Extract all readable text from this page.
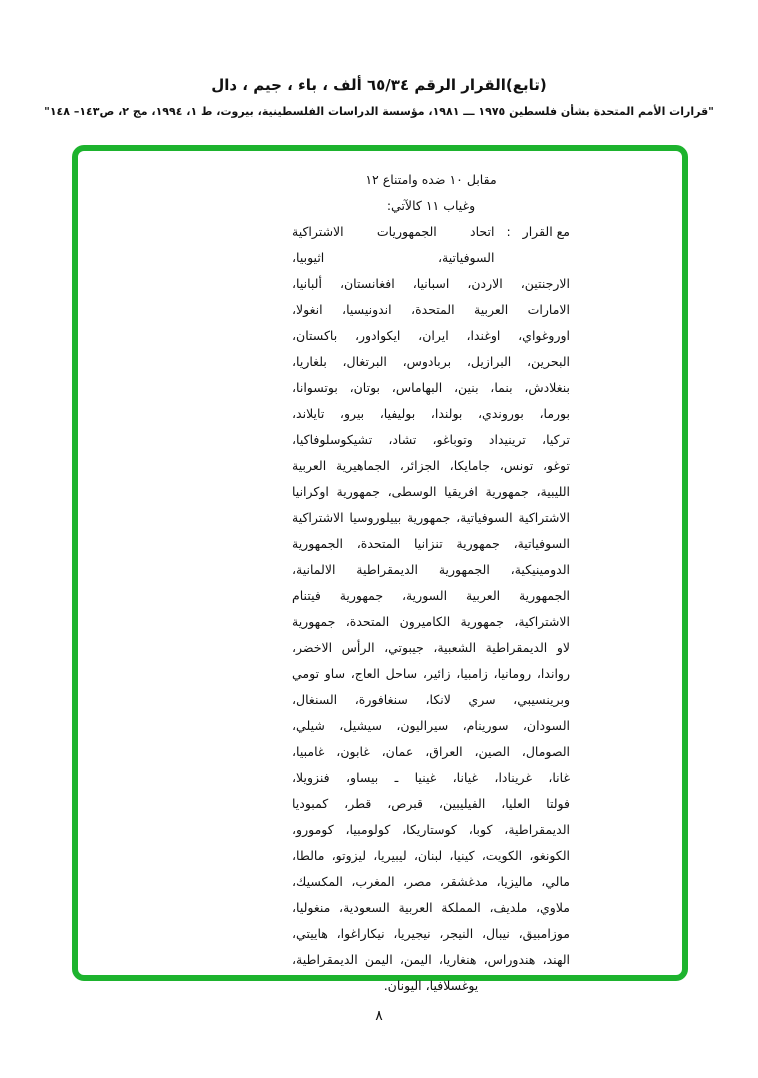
(تابع)القرار الرقم ٦٥/٣٤ ألف ، باء ، جيم ، دال
"قرارات الأمم المتحدة بشأن فلسطين ١٩٧٥ ـــ ١٩٨١، مؤسسة الدراسات الفلسطينية، بيروت، ط ١، ١٩٩٤، مج ٢، ص١٤٣– ١٤٨"
مقابل ١٠ ضده وامتناع ١٢
وغياب ١١ كالآتي:
مع القرار
:
اتحاد الجمهوريات الاشتراكية السوفياتية، اثيوبيا،
الارجنتين، الاردن، اسبانيا، افغانستان، ألبانيا،
الامارات العربية المتحدة، اندونيسيا، انغولا،
اوروغواي، اوغندا، ايران، ايكوادور، باكستان،
البحرين، البرازيل، بربادوس، البرتغال، بلغاريا،
بنغلادش، بنما، بنين، البهاماس، بوتان، بوتسوانا،
بورما، بوروندي، بولندا، بوليفيا، بيرو، تايلاند،
تركيا، ترينيداد وتوباغو، تشاد، تشيكوسلوفاكيا،
توغو، تونس، جامايكا، الجزائر، الجماهيرية العربية
الليبية، جمهورية افريقيا الوسطى، جمهورية اوكرانيا
الاشتراكية السوفياتية، جمهورية بييلوروسيا الاشتراكية
السوفياتية، جمهورية تنزانيا المتحدة، الجمهورية
الدومينيكية، الجمهورية الديمقراطية الالمانية،
الجمهورية العربية السورية، جمهورية فيتنام
الاشتراكية، جمهورية الكاميرون المتحدة، جمهورية
لاو الديمقراطية الشعبية، جيبوتي، الرأس الاخضر،
رواندا، رومانيا، زامبيا، زائير، ساحل العاج، ساو تومي
وبرينسيبي، سري لانكا، سنغافورة، السنغال،
السودان، سورينام، سيراليون، سيشيل، شيلي،
الصومال، الصين، العراق، عمان، غابون، غامبيا،
غانا، غرينادا، غيانا، غينيا ـ بيساو، فنزويلا،
فولتا العليا، الفيليبين، قبرص، قطر، كمبوديا
الديمقراطية، كوبا، كوستاريكا، كولومبيا، كومورو،
الكونغو، الكويت، كينيا، لبنان، ليبيريا، ليزوتو، مالطا،
مالي، ماليزيا، مدغشقر، مصر، المغرب، المكسيك،
ملاوي، ملديف، المملكة العربية السعودية، منغوليا،
موزامبيق، نيبال، النيجر، نيجيريا، نيكاراغوا، هاييتي،
الهند، هندوراس، هنغاريا، اليمن، اليمن الديمقراطية،
يوغسلافيا، اليونان.
٨
